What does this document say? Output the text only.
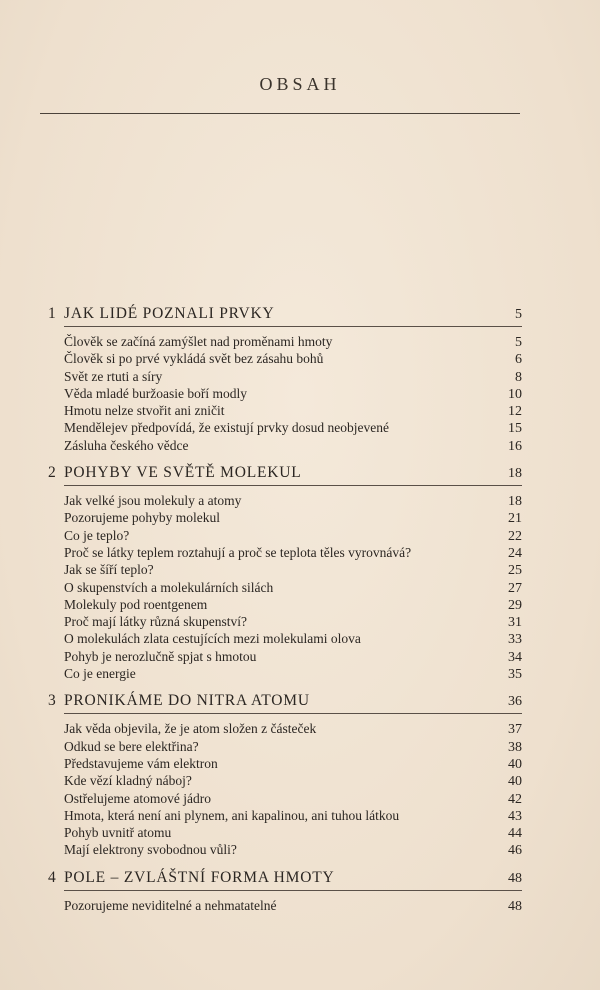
OBSAH
1 JAK LIDÉ POZNALI PRVKY	5
Člověk se začíná zamýšlet nad proměnami hmoty	5
Člověk si po prvé vykládá svět bez zásahu bohů	6
Svět ze rtuti a síry	8
Věda mladé buržoasie boří modly	10
Hmotu nelze stvořit ani zničit	12
Mendělejev předpovídá, že existují prvky dosud neobjevené	15
Zásluha českého vědce	16
2 POHYBY VE SVĚTĚ MOLEKUL	18
Jak velké jsou molekuly a atomy	18
Pozorujeme pohyby molekul	21
Co je teplo?	22
Proč se látky teplem roztahují a proč se teplota těles vyrovnává?	24
Jak se šíří teplo?	25
O skupenstvích a molekulárních silách	27
Molekuly pod roentgenem	29
Proč mají látky různá skupenství?	31
O molekulách zlata cestujících mezi molekulami olova	33
Pohyb je nerozlučně spjat s hmotou	34
Co je energie	35
3 PRONIKÁME DO NITRA ATOMU	36
Jak věda objevila, že je atom složen z částeček	37
Odkud se bere elektřina?	38
Představujeme vám elektron	40
Kde vězí kladný náboj?	40
Ostřelujeme atomové jádro	42
Hmota, která není ani plynem, ani kapalinou, ani tuhou látkou	43
Pohyb uvnitř atomu	44
Mají elektrony svobodnou vůli?	46
4 POLE – ZVLÁŠTNÍ FORMA HMOTY	48
Pozorujeme neviditelné a nehmatatelné	48
